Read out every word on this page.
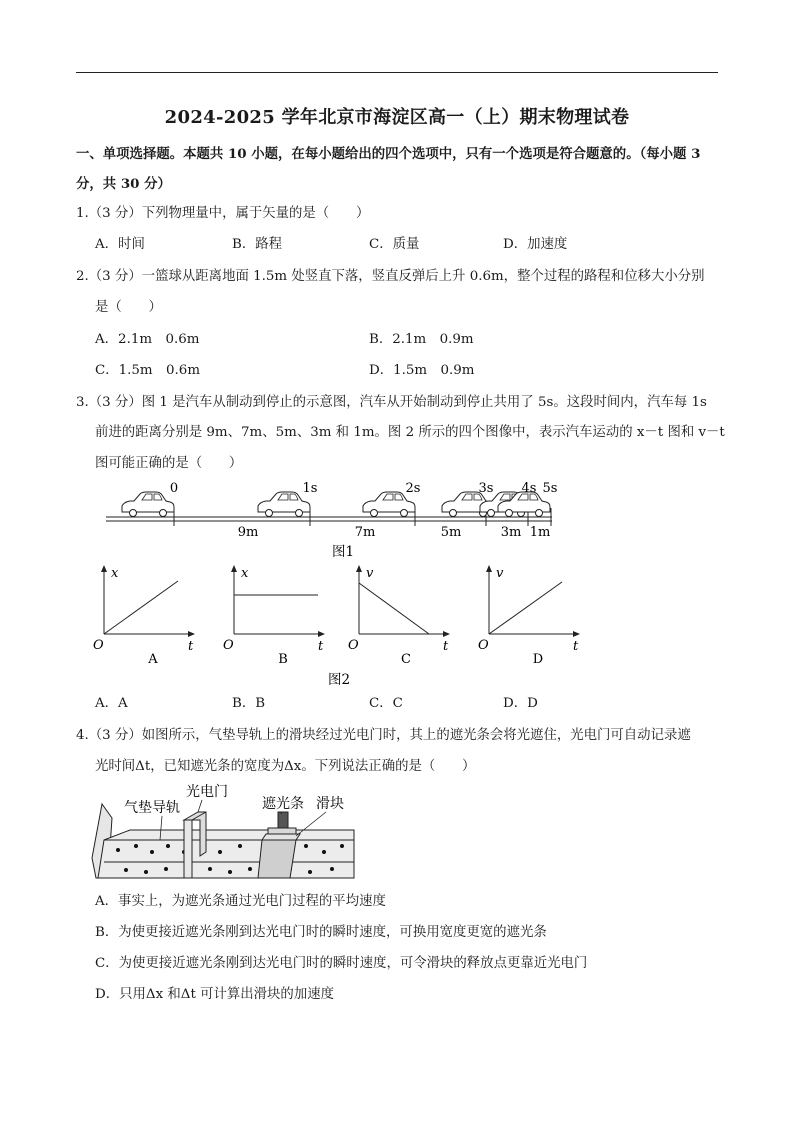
2024-2025 学年北京市海淀区高一（上）期末物理试卷
一、单项选择题。本题共 10 小题，在每小题给出的四个选项中，只有一个选项是符合题意的。（每小题 3
分，共 30 分）
1.（3 分）下列物理量中，属于矢量的是（　　）
A．时间	B．路程	C．质量	D．加速度
2.（3 分）一篮球从距离地面 1.5m 处竖直下落，竖直反弹后上升 0.6m，整个过程的路程和位移大小分别
是（　　）
A．2.1m　0.6m	B．2.1m　0.9m
C．1.5m　0.6m	D．1.5m　0.9m
3.（3 分）图 1 是汽车从制动到停止的示意图，汽车从开始制动到停止共用了 5s。这段时间内，汽车每 1s
前进的距离分别是 9m、7m、5m、3m 和 1m。图 2 所示的四个图像中，表示汽车运动的 x－t 图和 v－t
图可能正确的是（　　）
0	1s	2s	3s 4s 5s
9m	7m	5m	3m 1m
图1
x
t
O
A
x
t
O
B
v
t
O
C
v
t
O
D
图2
A．A	B．B	C．C	D．D
4.（3 分）如图所示，气垫导轨上的滑块经过光电门时，其上的遮光条会将光遮住，光电门可自动记录遮
光时间Δt，已知遮光条的宽度为Δx。下列说法正确的是（　　）
光电门
气垫导轨	遮光条 滑块
A．事实上，为遮光条通过光电门过程的平均速度
B．为使更接近遮光条刚到达光电门时的瞬时速度，可换用宽度更宽的遮光条
C．为使更接近遮光条刚到达光电门时的瞬时速度，可令滑块的释放点更靠近光电门
D．只用Δx 和Δt 可计算出滑块的加速度
